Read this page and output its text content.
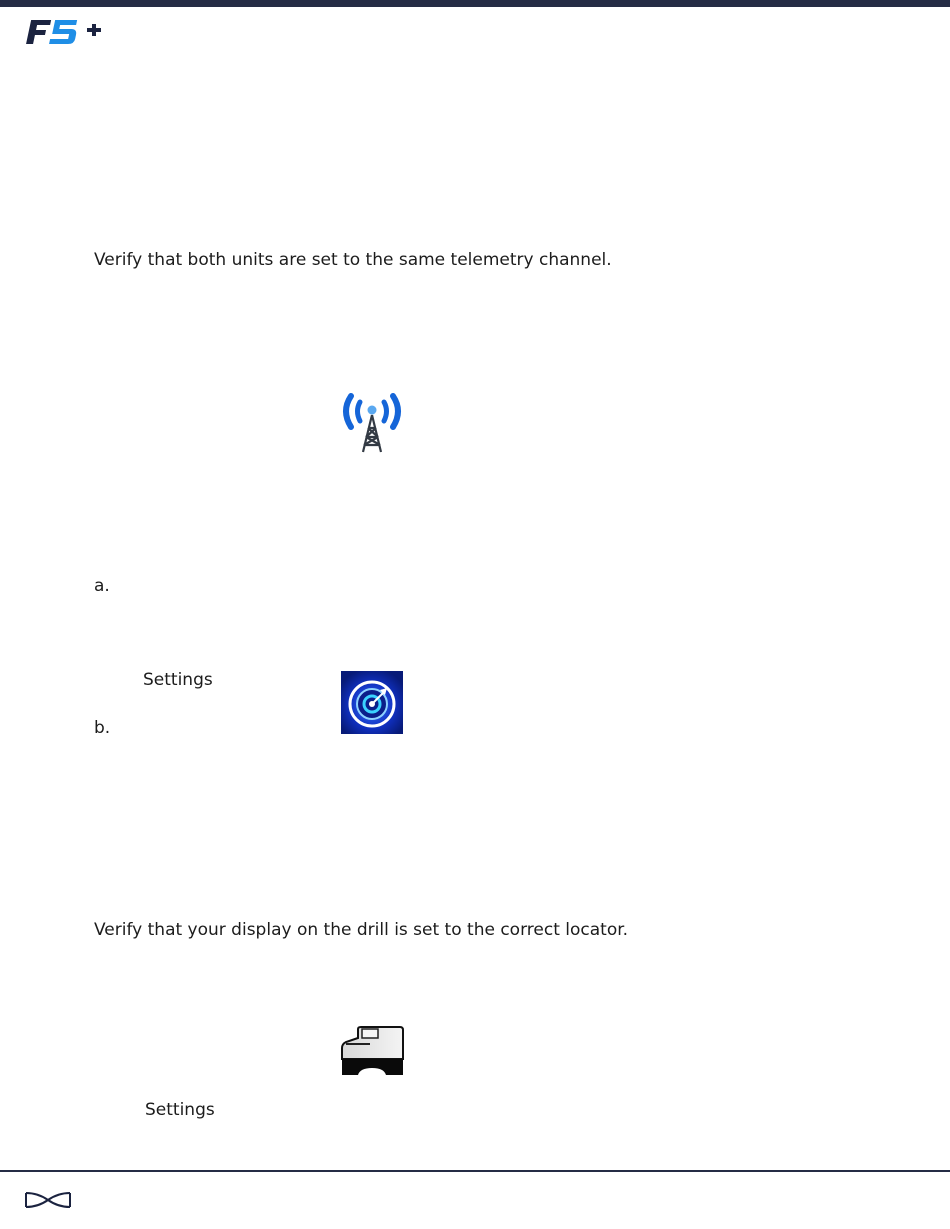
Verify that both units are set to the same telemetry channel.
a.
Settings
b.
Verify that your display on the drill is set to the correct locator.
Settings
